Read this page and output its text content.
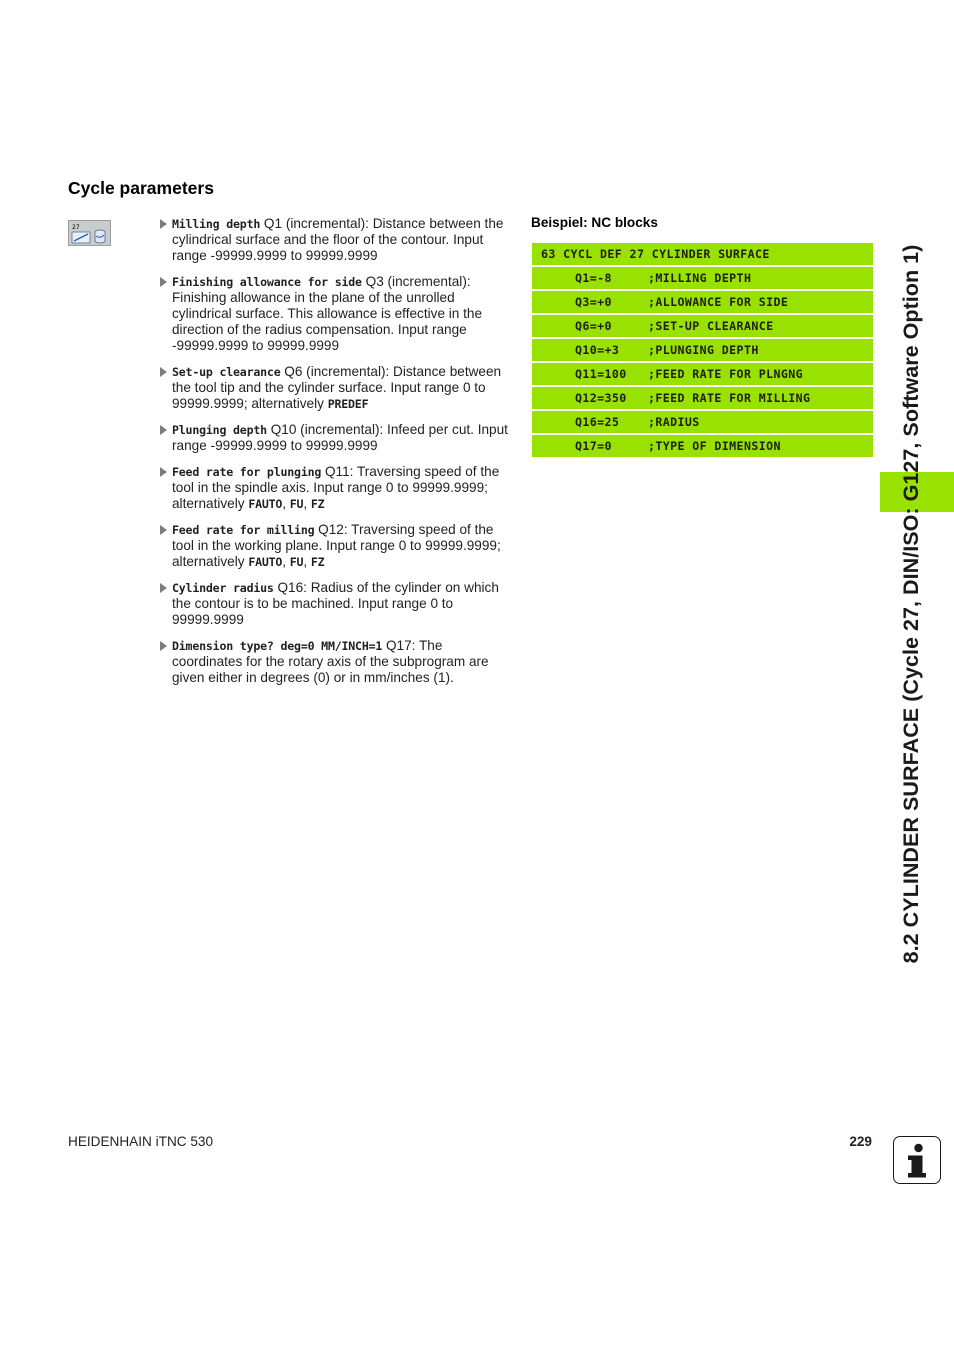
Cycle parameters
27	Milling depth Q1 (incremental): Distance between the cylindrical surface and the floor of the contour. Input range -99999.9999 to 99999.9999
Finishing allowance for side Q3 (incremental): Finishing allowance in the plane of the unrolled cylindrical surface. This allowance is effective in the direction of the radius compensation. Input range -99999.9999 to 99999.9999
Set-up clearance Q6 (incremental): Distance between the tool tip and the cylinder surface. Input range 0 to 99999.9999; alternatively PREDEF
Plunging depth Q10 (incremental): Infeed per cut. Input range -99999.9999 to 99999.9999
Feed rate for plunging Q11: Traversing speed of the tool in the spindle axis. Input range 0 to 99999.9999; alternatively FAUTO, FU, FZ
Feed rate for milling Q12: Traversing speed of the tool in the working plane. Input range 0 to 99999.9999; alternatively FAUTO, FU, FZ
Cylinder radius Q16: Radius of the cylinder on which the contour is to be machined. Input range 0 to 99999.9999
Dimension type? deg=0 MM/INCH=1 Q17: The coordinates for the rotary axis of the subprogram are given either in degrees (0) or in mm/inches (1).
Beispiel: NC blocks
63 CYCL DEF 27 CYLINDER SURFACE
Q1=-8	;MILLING DEPTH
Q3=+0	;ALLOWANCE FOR SIDE
Q6=+0	;SET-UP CLEARANCE
Q10=+3 ;PLUNGING DEPTH
Q11=100 ;FEED RATE FOR PLNGNG
Q12=350 ;FEED RATE FOR MILLING
Q16=25 ;RADIUS
Q17=0	;TYPE OF DIMENSION	8.2 CYLINDER SURFACE (Cycle 27, DIN/ISO: G127, Software Option 1)

HEIDENHAIN iTNC 530	229
